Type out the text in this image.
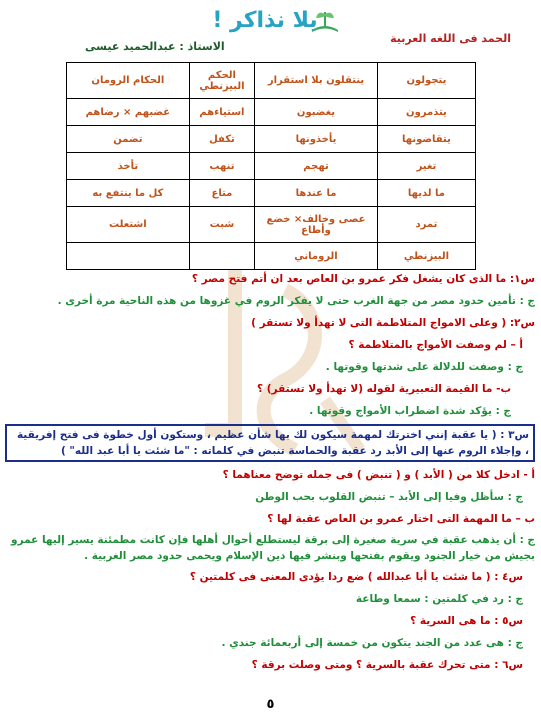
يلا نذاكر !
الحمد فى اللغه العربية
الاستاذ : عبدالحميد عيسى
يتجولون	ينتقلون بلا استقرار	الحكم البيزنطي	الحكام الرومان
يتذمرون	يغضبون	استياءهم	غضبهم × رضاهم
يتقاضونها	يأخذونها	تكفل	تضمن
تغير	تهجم	تنهب	تأخذ
ما لديها	ما عندها	متاع	كل ما ينتفع به
تمرد	عصى وخالف× خضع وأطاع	شبت	اشتعلت
البيزنطي	الروماني		
س١: ما الذى كان يشغل فكر عمرو بن العاص بعد ان أتم فتح مصر ؟
ج : تأمين حدود مصر من جهة الغرب حتى لا يفكر الروم في غزوها من هذه الناحية مرة أخرى .
س٢: ( وعلى الامواج المتلاطمة التى لا تهدأ ولا تستقر )
أ – لم وصفت الأمواج بالمتلاطمة ؟
ج : وصفت للدلالة على شدتها وقوتها .
ب- ما القيمة التعبيرية لقوله (لا تهدأ ولا تستقر) ؟
ج : يؤكد شدة اضطراب الأمواج وقوتها .
س٣ : ( يا عقبة إنني اخترتك لمهمة سيكون لك بها شأن عظيم ، وستكون أول خطوة فى فتح إفريقية ، وإجلاء الروم عنها إلى الأبد رد عقبة والحماسة تنبض في كلماته : "ما شئت يا أبا عبد الله" )
أ - ادخل كلا من ( الأبد ) و ( تنبض ) فى جمله توضح معناهما ؟
ج : سأظل وفيا إلى الأبد – تنبض القلوب بحب الوطن
ب – ما المهمة التى اختار عمرو بن العاص عقبة لها ؟
ج : أن يذهب عقبة في سرية صغيرة إلى برقة ليستطلع أحوال أهلها فإن كانت مطمئنة يسير إليها عمرو بجيش من خيار الجنود ويقوم بفتحها وبنشر فيها دين الإسلام ويحمى حدود مصر الغربية .
س٤ : ( ما شئت يا أبا عبدالله ) ضع ردا يؤدى المعنى فى كلمتين ؟
ج : رد في كلمتين : سمعا وطاعة
س٥ : ما هى السرية ؟
ج : هى عدد من الجند يتكون من خمسة إلى أربعمائة جندي .
س٦ : متى تحرك عقبة بالسرية ؟ ومتى وصلت برقة ؟
٥
